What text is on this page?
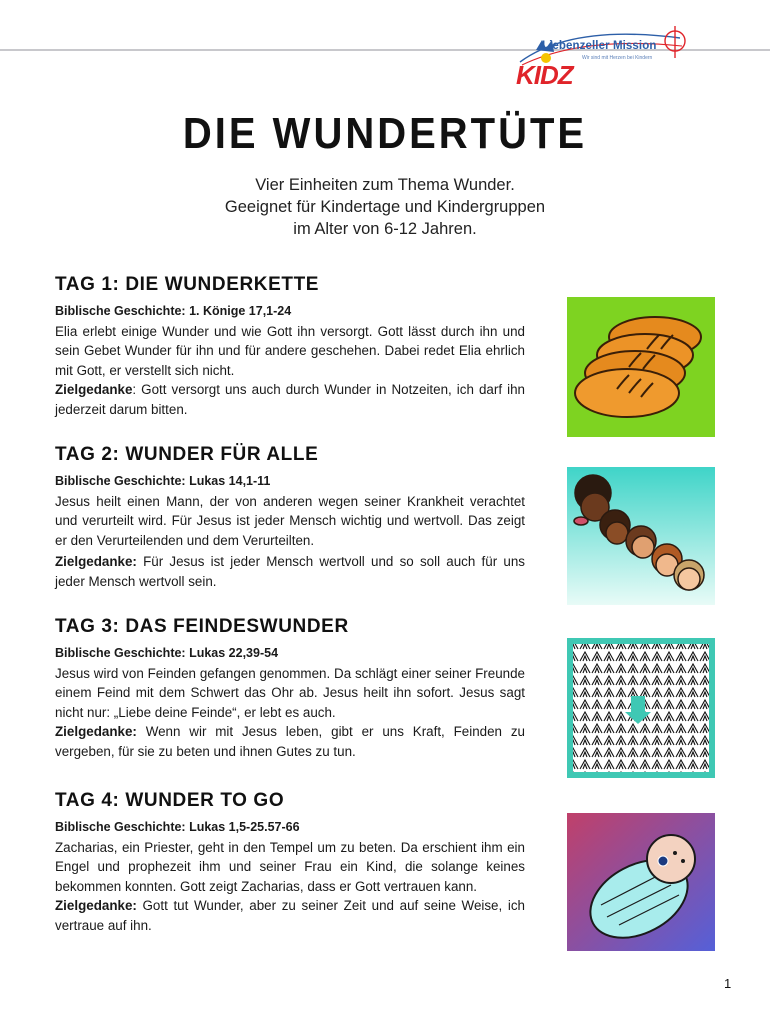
Liebenzeller Mission
Wir sind mit Herzen bei Kindern
KIDZ
DIE WUNDERTÜTE
Vier Einheiten zum Thema Wunder.
Geeignet für Kindertage und Kindergruppen
im Alter von 6-12 Jahren.
TAG 1: DIE WUNDERKETTE
Biblische Geschichte: 1. Könige 17,1-24

Elia erlebt einige Wunder und wie Gott ihn versorgt. Gott lässt durch ihn und sein Gebet Wunder für ihn und für andere geschehen. Dabei redet Elia ehrlich mit Gott, er verstellt sich nicht.

Zielgedanke: Gott versorgt uns auch durch Wunder in Notzeiten, ich darf ihn jederzeit darum bitten.

TAG 2: WUNDER FÜR ALLE
Biblische Geschichte: Lukas 14,1-11

Jesus heilt einen Mann, der von anderen wegen seiner Krankheit verachtet und verurteilt wird. Für Jesus ist jeder Mensch wichtig und wertvoll. Das zeigt er den Verurteilenden und dem Verurteilten.

Zielgedanke: Für Jesus ist jeder Mensch wertvoll und so soll auch für uns jeder Mensch wertvoll sein.

TAG 3: DAS FEINDESWUNDER
Biblische Geschichte: Lukas 22,39-54

Jesus wird von Feinden gefangen genommen. Da schlägt einer seiner Freunde einem Feind mit dem Schwert das Ohr ab. Jesus heilt ihn sofort. Jesus sagt nicht nur: „Liebe deine Feinde“, er lebt es auch.

Zielgedanke: Wenn wir mit Jesus leben, gibt er uns Kraft, Feinden zu vergeben, für sie zu beten und ihnen Gutes zu tun.

TAG 4: WUNDER TO GO
Biblische Geschichte: Lukas 1,5-25.57-66

Zacharias, ein Priester, geht in den Tempel um zu beten. Da erschient ihm ein Engel und prophezeit ihm und seiner Frau ein Kind, die solange keines bekommen konnten. Gott zeigt Zacharias, dass er Gott vertrauen kann.

Zielgedanke: Gott tut Wunder, aber zu seiner Zeit und auf seine Weise, ich vertraue auf ihn.

1
